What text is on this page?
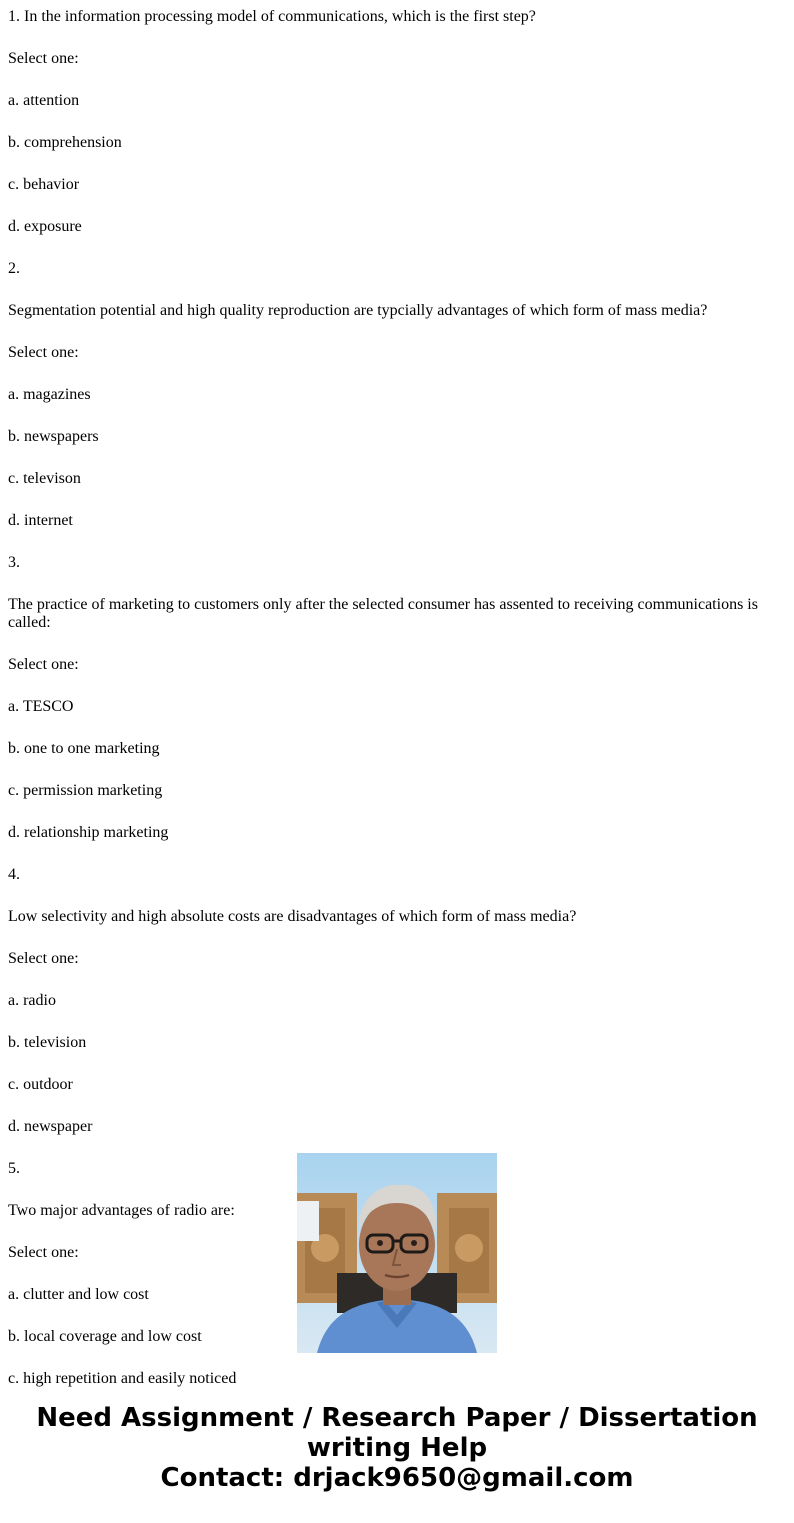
1. In the information processing model of communications, which is the first step?

Select one:

a. attention

b. comprehension

c. behavior

d. exposure

2.

Segmentation potential and high quality reproduction are typcially advantages of which form of mass media?

Select one:

a. magazines

b. newspapers

c. televison

d. internet

3.

The practice of marketing to customers only after the selected consumer has assented to receiving communications is called:

Select one:

a. TESCO

b. one to one marketing

c. permission marketing

d. relationship marketing

4.

Low selectivity and high absolute costs are disadvantages of which form of mass media?

Select one:

a. radio

b. television

c. outdoor

d. newspaper

5.

Two major advantages of radio are:

Select one:

a. clutter and low cost

b. local coverage and low cost

c. high repetition and easily noticed

Need Assignment / Research Paper / Dissertation
writing Help
Contact: drjack9650@gmail.com
